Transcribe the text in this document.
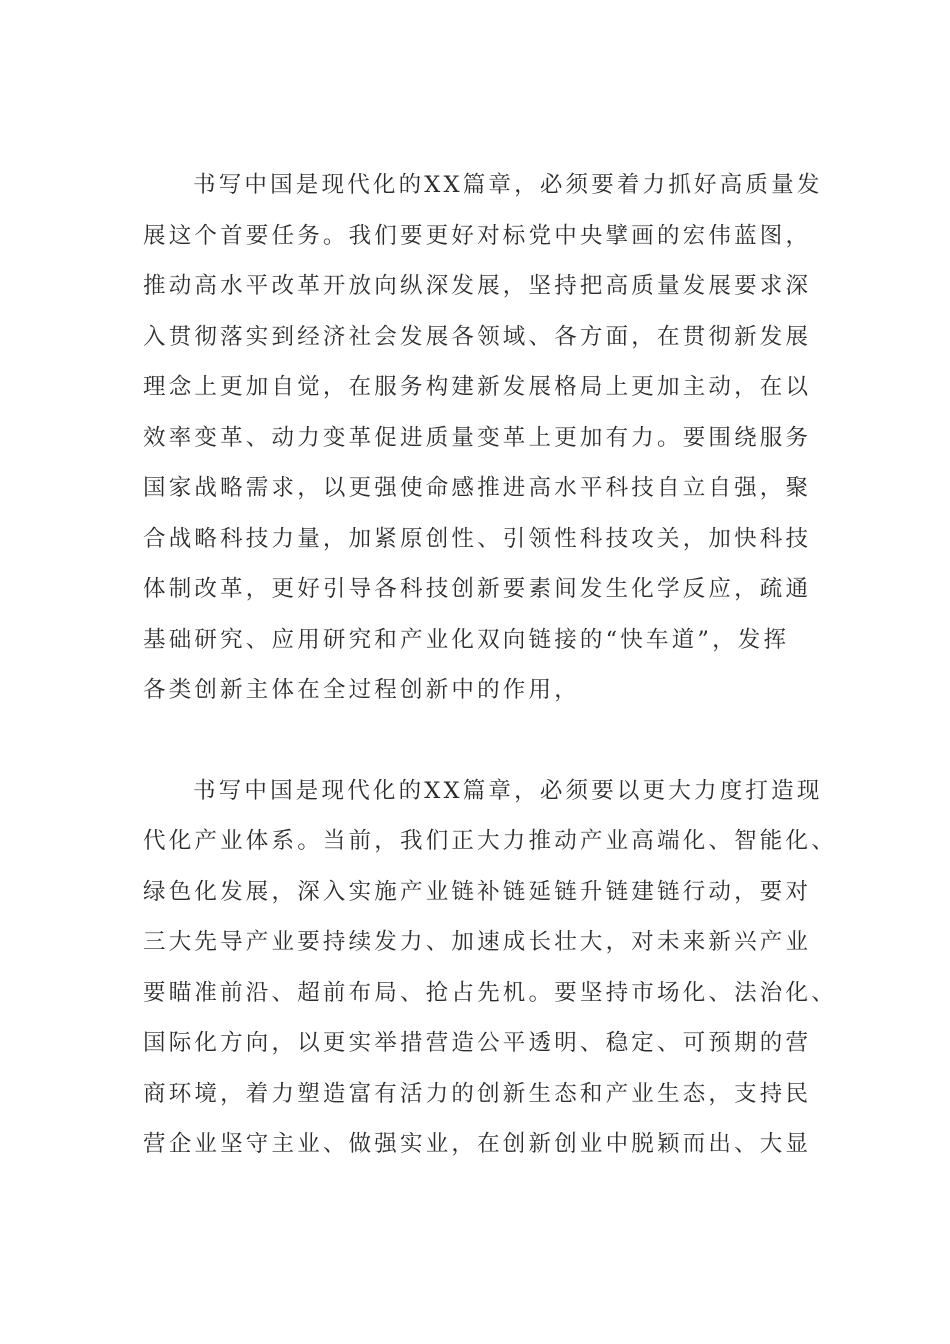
书写中国是现代化的XX篇章，必须要着力抓好高质量发
展这个首要任务。我们要更好对标党中央擘画的宏伟蓝图，
推动高水平改革开放向纵深发展，坚持把高质量发展要求深
入贯彻落实到经济社会发展各领域、各方面，在贯彻新发展
理念上更加自觉，在服务构建新发展格局上更加主动，在以
效率变革、动力变革促进质量变革上更加有力。要围绕服务
国家战略需求，以更强使命感推进高水平科技自立自强，聚
合战略科技力量，加紧原创性、引领性科技攻关，加快科技
体制改革，更好引导各科技创新要素间发生化学反应，疏通
基础研究、应用研究和产业化双向链接的“快车道”，发挥
各类创新主体在全过程创新中的作用，

书写中国是现代化的XX篇章，必须要以更大力度打造现
代化产业体系。当前，我们正大力推动产业高端化、智能化、
绿色化发展，深入实施产业链补链延链升链建链行动，要对
三大先导产业要持续发力、加速成长壮大，对未来新兴产业
要瞄准前沿、超前布局、抢占先机。要坚持市场化、法治化、
国际化方向，以更实举措营造公平透明、稳定、可预期的营
商环境，着力塑造富有活力的创新生态和产业生态，支持民
营企业坚守主业、做强实业，在创新创业中脱颖而出、大显
